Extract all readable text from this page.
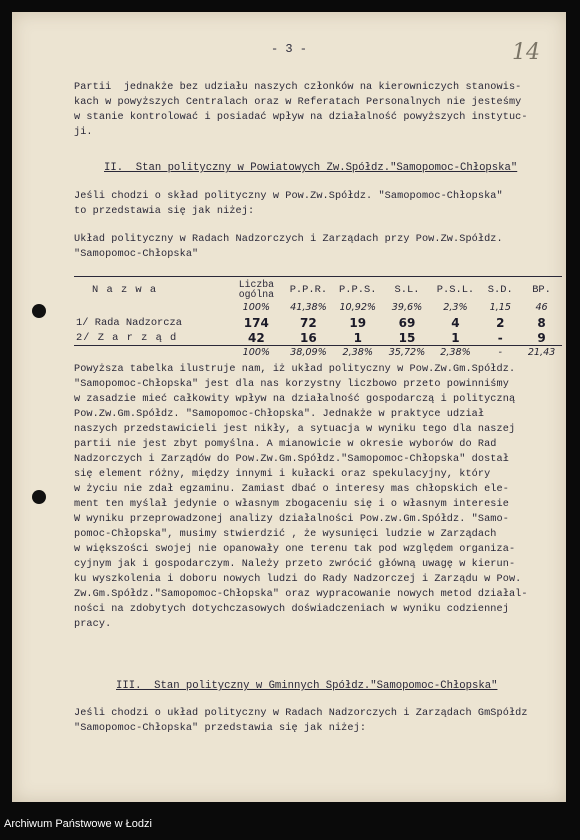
- 3 -	14
Partii  jednakże bez udziału naszych członków na kierowniczych stanowis-
kach w powyższych Centralach oraz w Referatach Personalnych nie jesteśmy
w stanie kontrolować i posiadać wpływ na działalność powyższych instytuc-
ji.
II.  Stan polityczny w Powiatowych Zw.Spółdz."Samopomoc-Chłopska"
Jeśli chodzi o skład polityczny w Pow.Zw.Spółdz. "Samopomoc-Chłopska"
to przedstawia się jak niżej:
Układ polityczny w Radach Nadzorczych i Zarządach przy Pow.Zw.Spółdz.
"Samopomoc-Chłopska"
N a z w a	Liczba ogólna	P.P.R.	P.P.S.	S.L.	P.S.L.	S.D.	BP.
	100%	41,38%	10,92%	39,6%	2,3%	1,15	46
1/ Rada Nadzorcza	174	72	19	69	4	2	8
2/ Z a r z ą d	42	16	1	15	1	-	9
	100%	38,09%	2,38%	35,72%	2,38%	-	21,43
Powyższa tabelka ilustruje nam, iż układ polityczny w Pow.Zw.Gm.Spółdz.
"Samopomoc-Chłopska" jest dla nas korzystny liczbowo przeto powinniśmy
w zasadzie mieć całkowity wpływ na działalność gospodarczą i polityczną
Pow.Zw.Gm.Spółdz. "Samopomoc-Chłopska". Jednakże w praktyce udział
naszych przedstawicieli jest nikły, a sytuacja w wyniku tego dla naszej
partii nie jest zbyt pomyślna. A mianowicie w okresie wyborów do Rad
Nadzorczych i Zarządów do Pow.Zw.Gm.Spółdz."Samopomoc-Chłopska" dostał
się element różny, między innymi i kułacki oraz spekulacyjny, który
w życiu nie zdał egzaminu. Zamiast dbać o interesy mas chłopskich ele-
ment ten myślał jedynie o własnym zbogaceniu się i o własnym interesie
W wyniku przeprowadzonej analizy działalności Pow.zw.Gm.Spółdz. "Samo-
pomoc-Chłopska", musimy stwierdzić , że wysunięci ludzie w Zarządach
w większości swojej nie opanowały one terenu tak pod względem organiza-
cyjnym jak i gospodarczym. Należy przeto zwrócić główną uwagę w kierun-
ku wyszkolenia i doboru nowych ludzi do Rady Nadzorczej i Zarządu w Pow.
Zw.Gm.Spółdz."Samopomoc-Chłopska" oraz wypracowanie nowych metod działal-
ności na zdobytych dotychczasowych doświadczeniach w wyniku codziennej
pracy.
III.  Stan polityczny w Gminnych Spółdz."Samopomoc-Chłopska"
Jeśli chodzi o układ polityczny w Radach Nadzorczych i Zarządach GmSpółdz
"Samopomoc-Chłopska" przedstawia się jak niżej:
Archiwum Państwowe w Łodzi
